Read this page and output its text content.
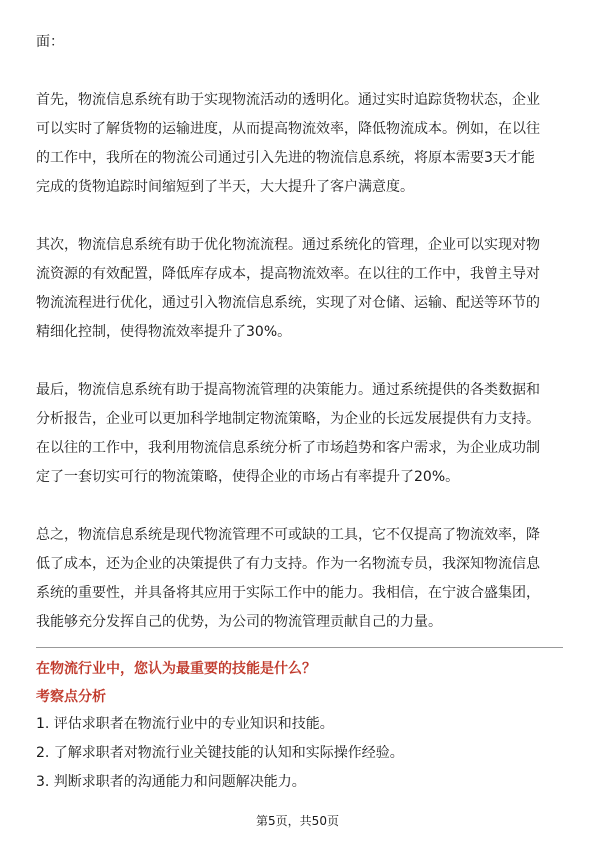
面：
首先，物流信息系统有助于实现物流活动的透明化。通过实时追踪货物状态，企业
可以实时了解货物的运输进度，从而提高物流效率，降低物流成本。例如，在以往
的工作中，我所在的物流公司通过引入先进的物流信息系统，将原本需要3天才能
完成的货物追踪时间缩短到了半天，大大提升了客户满意度。
其次，物流信息系统有助于优化物流流程。通过系统化的管理，企业可以实现对物
流资源的有效配置，降低库存成本，提高物流效率。在以往的工作中，我曾主导对
物流流程进行优化，通过引入物流信息系统，实现了对仓储、运输、配送等环节的
精细化控制，使得物流效率提升了30%。
最后，物流信息系统有助于提高物流管理的决策能力。通过系统提供的各类数据和
分析报告，企业可以更加科学地制定物流策略，为企业的长远发展提供有力支持。
在以往的工作中，我利用物流信息系统分析了市场趋势和客户需求，为企业成功制
定了一套切实可行的物流策略，使得企业的市场占有率提升了20%。
总之，物流信息系统是现代物流管理不可或缺的工具，它不仅提高了物流效率，降
低了成本，还为企业的决策提供了有力支持。作为一名物流专员，我深知物流信息
系统的重要性，并具备将其应用于实际工作中的能力。我相信，在宁波合盛集团，
我能够充分发挥自己的优势，为公司的物流管理贡献自己的力量。
在物流行业中，您认为最重要的技能是什么？
考察点分析
1. 评估求职者在物流行业中的专业知识和技能。
2. 了解求职者对物流行业关键技能的认知和实际操作经验。
3. 判断求职者的沟通能力和问题解决能力。
第5页，共50页
